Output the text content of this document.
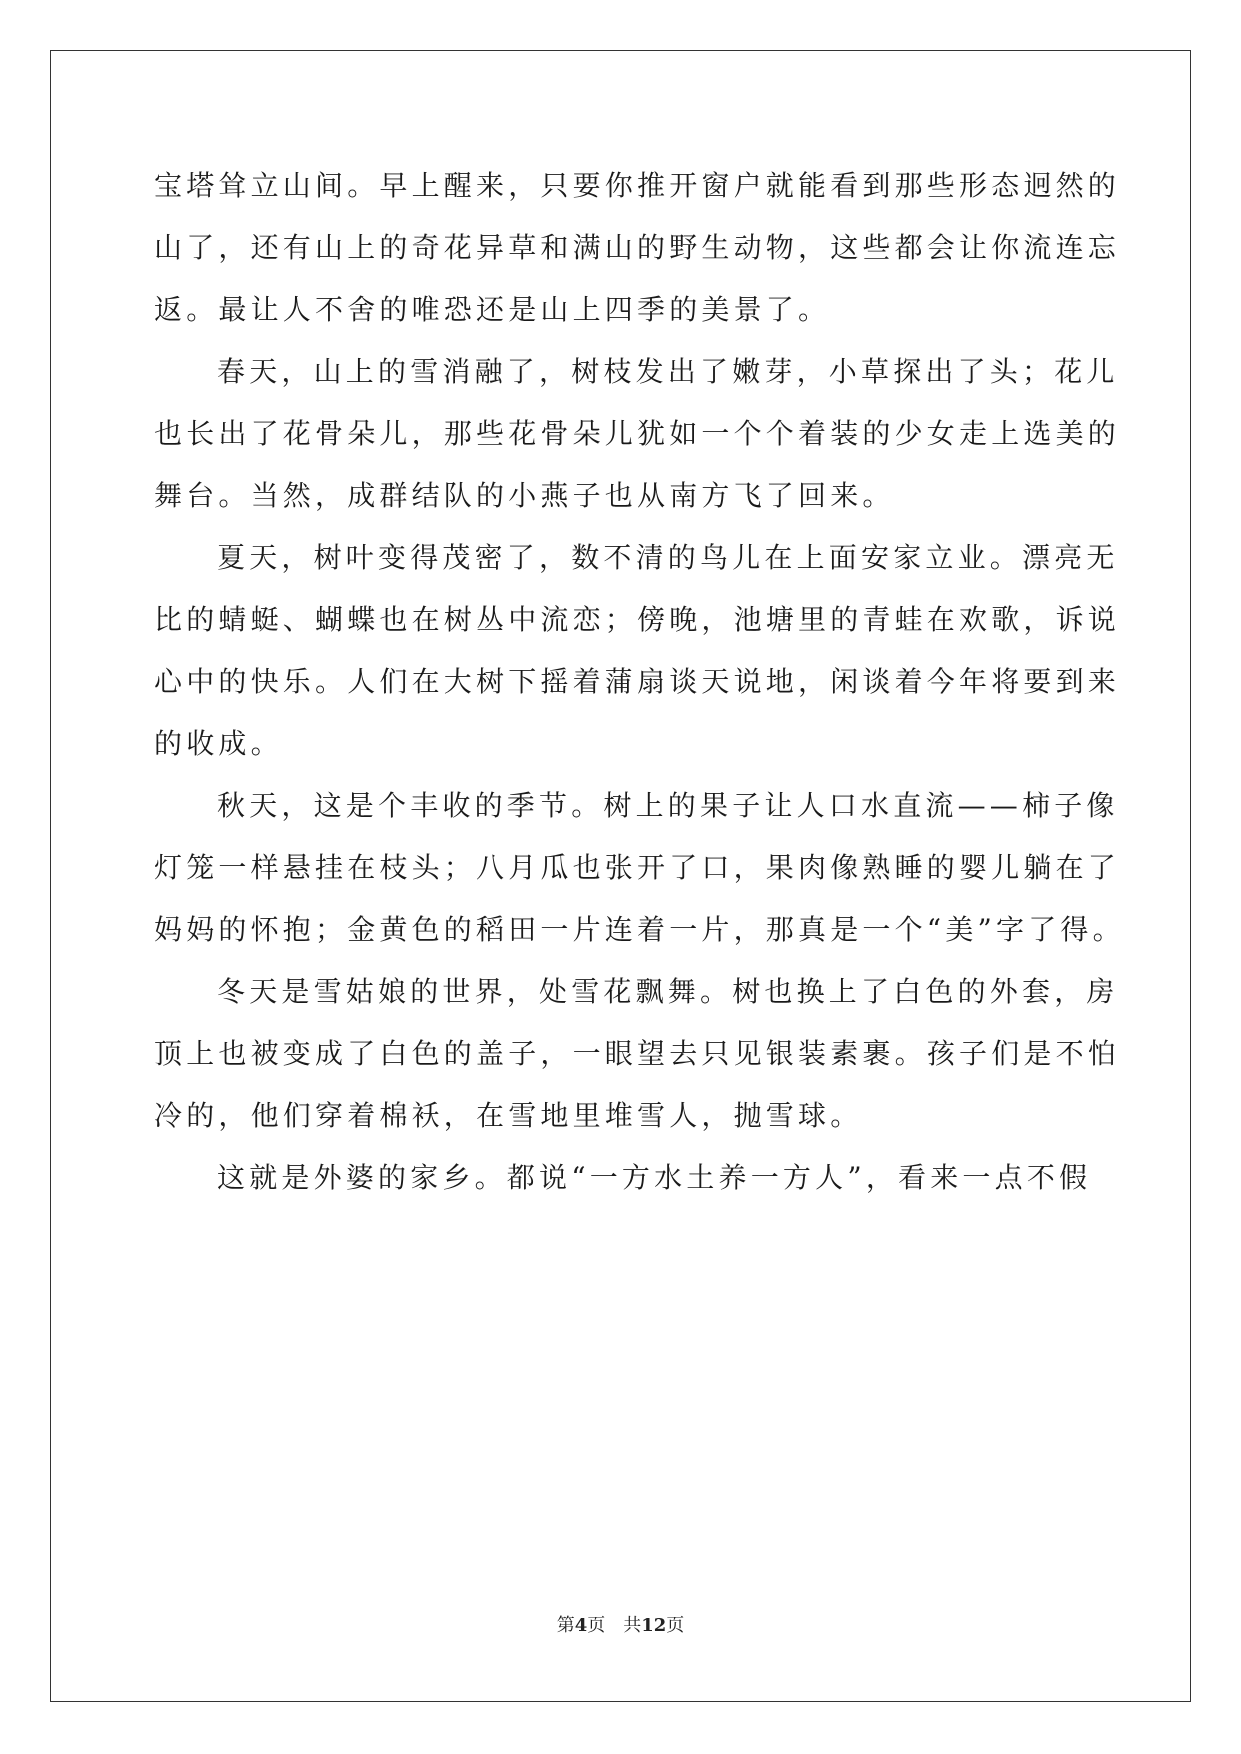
宝塔耸立山间。早上醒来，只要你推开窗户就能看到那些形态迥然的
山了，还有山上的奇花异草和满山的野生动物，这些都会让你流连忘
返。最让人不舍的唯恐还是山上四季的美景了。
春天，山上的雪消融了，树枝发出了嫩芽，小草探出了头；花儿
也长出了花骨朵儿，那些花骨朵儿犹如一个个着装的少女走上选美的
舞台。当然，成群结队的小燕子也从南方飞了回来。
夏天，树叶变得茂密了，数不清的鸟儿在上面安家立业。漂亮无
比的蜻蜓、蝴蝶也在树丛中流恋；傍晚，池塘里的青蛙在欢歌，诉说
心中的快乐。人们在大树下摇着蒲扇谈天说地，闲谈着今年将要到来
的收成。
秋天，这是个丰收的季节。树上的果子让人口水直流——柿子像
灯笼一样悬挂在枝头；八月瓜也张开了口，果肉像熟睡的婴儿躺在了
妈妈的怀抱；金黄色的稻田一片连着一片，那真是一个“美”字了得。
冬天是雪姑娘的世界，处雪花飘舞。树也换上了白色的外套，房
顶上也被变成了白色的盖子，一眼望去只见银装素裹。孩子们是不怕
冷的，他们穿着棉袄，在雪地里堆雪人，抛雪球。
这就是外婆的家乡。都说“一方水土养一方人”，看来一点不假
第4页　共12页
